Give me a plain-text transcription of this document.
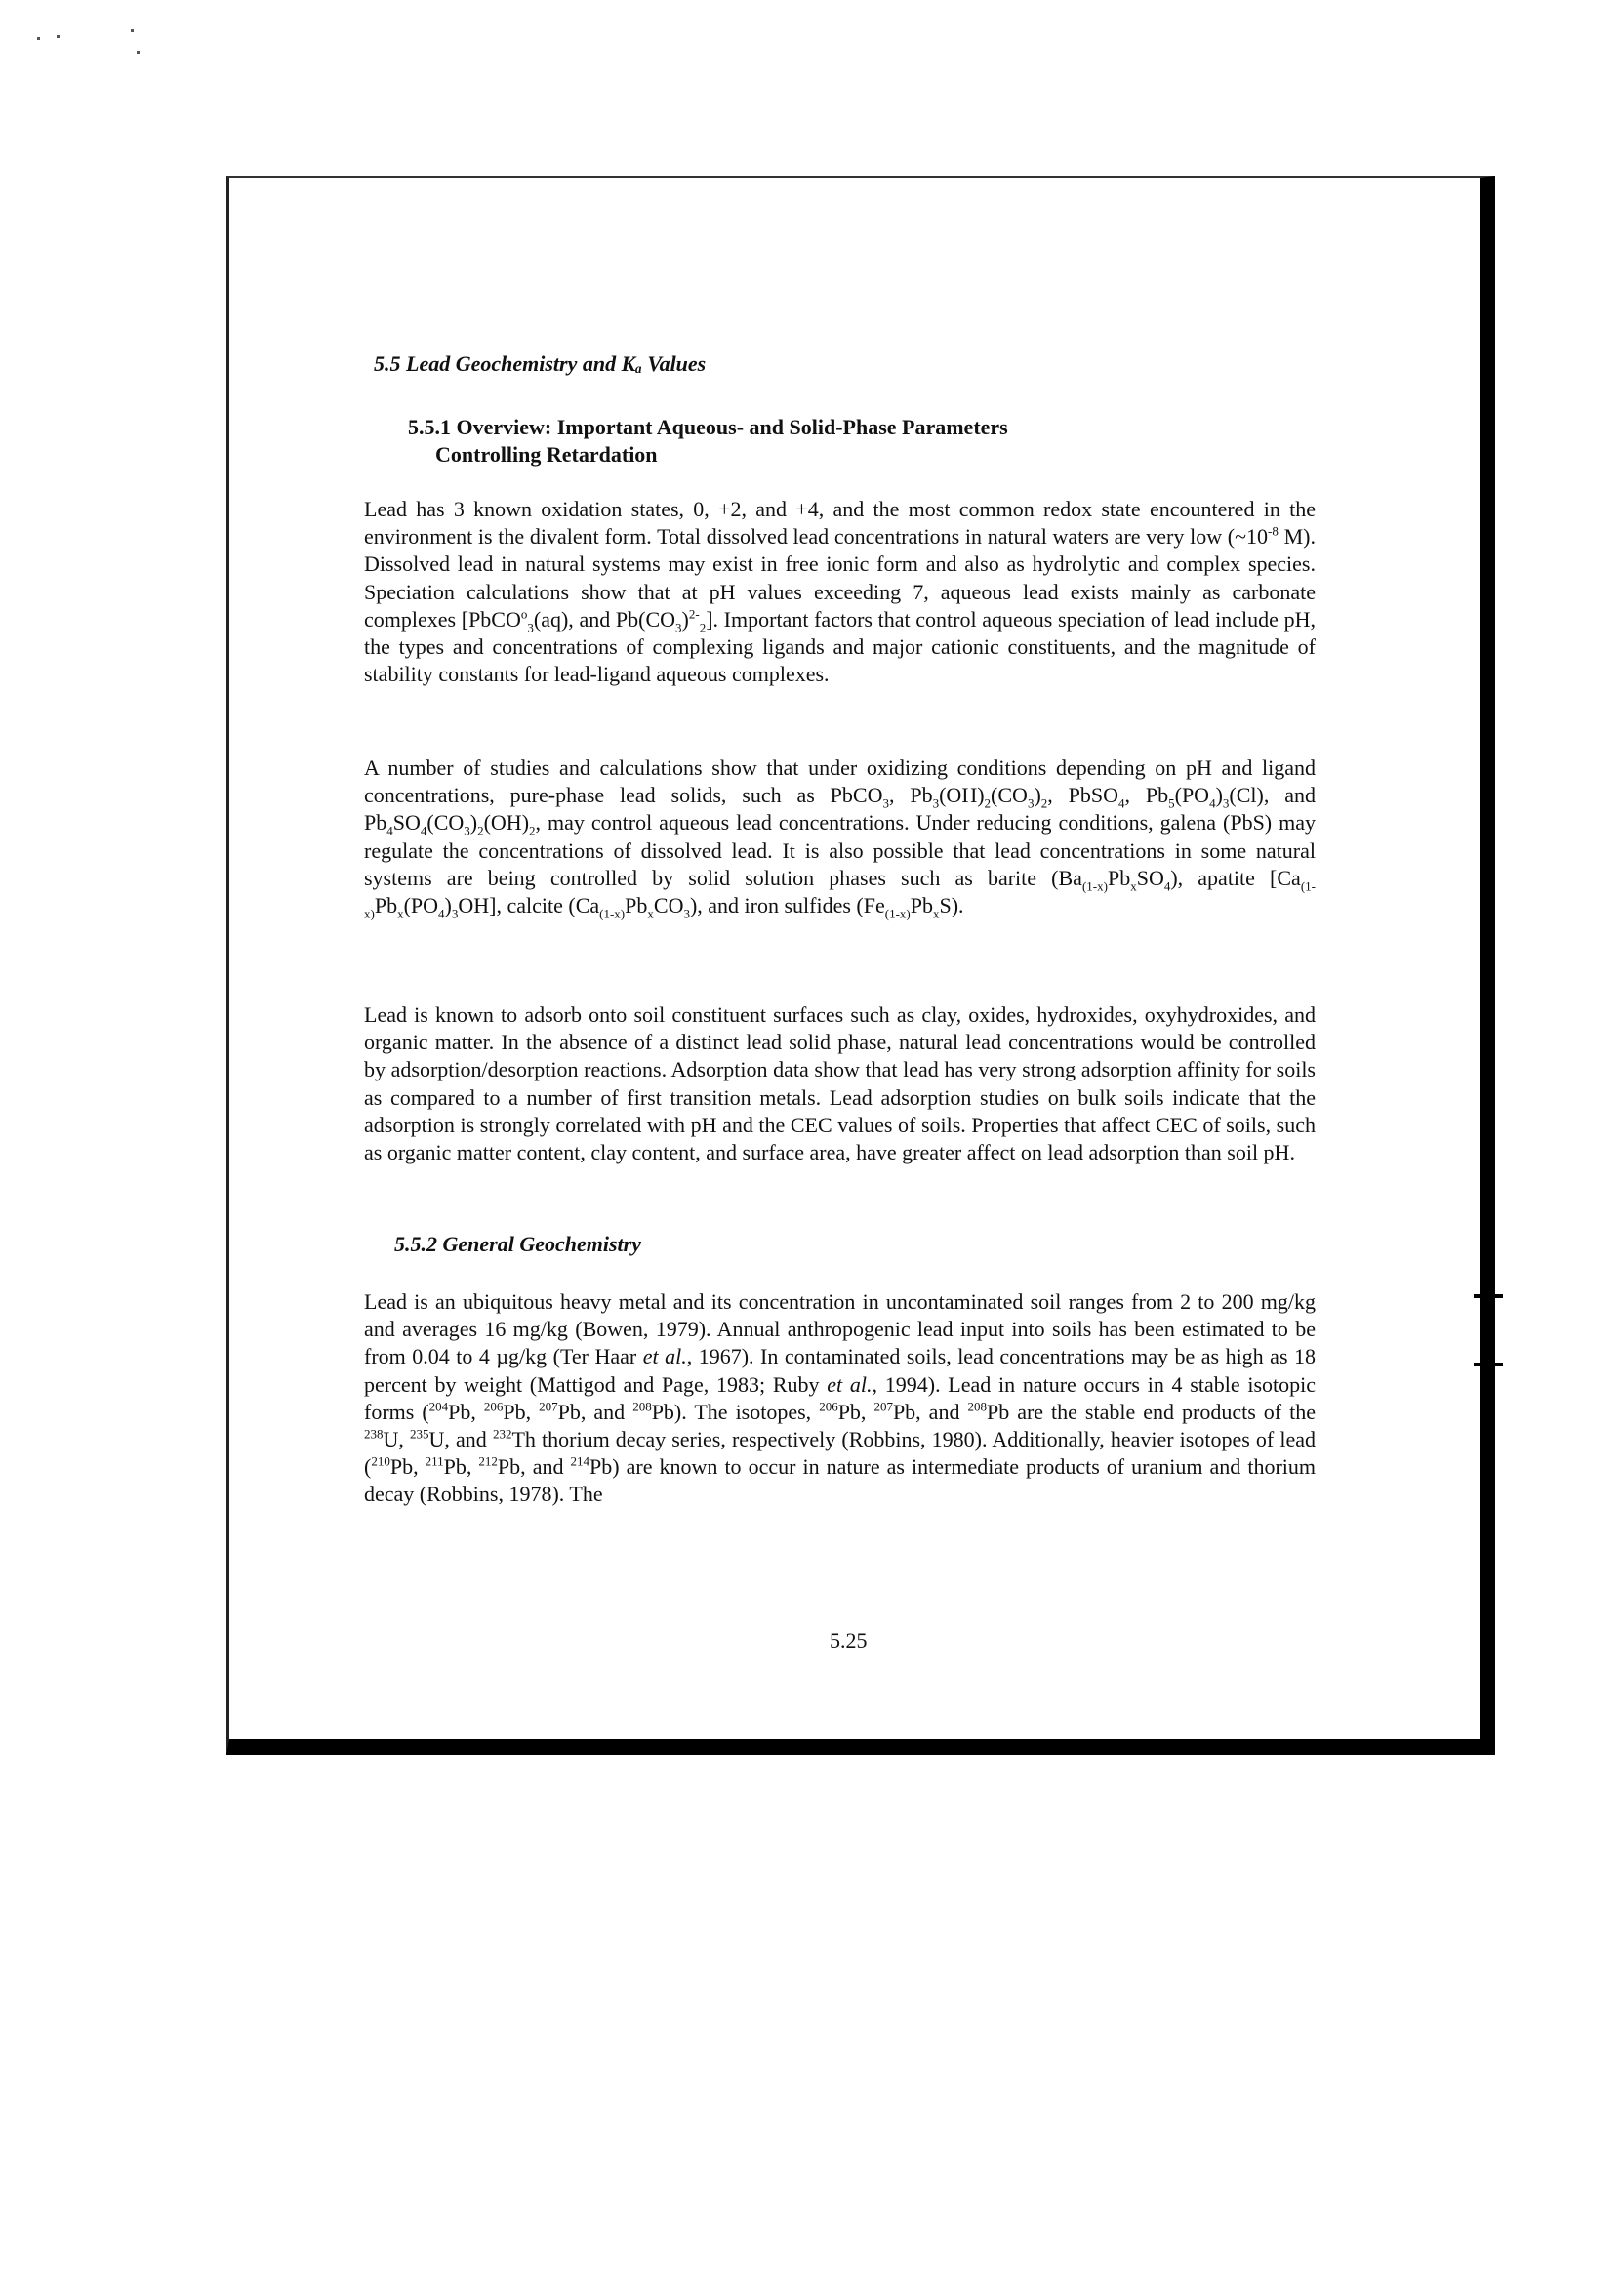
5.5 Lead Geochemistry and Kₐ Values
5.5.1 Overview: Important Aqueous- and Solid-Phase Parameters
Controlling Retardation

Lead has 3 known oxidation states, 0, +2, and +4, and the most common redox state encountered in the environment is the divalent form. Total dissolved lead concentrations in natural waters are very low ($\sim 10^{-8}$ M). Dissolved lead in natural systems may exist in free ionic form and also as hydrolytic and complex species. Speciation calculations show that at pH values exceeding 7, aqueous lead exists mainly as carbonate complexes [PbCO$^o_3$(aq), and $Pb(CO_3)^{2-}_2$]. Important factors that control aqueous speciation of lead include pH, the types and concentrations of complexing ligands and major cationic constituents, and the magnitude of stability constants for lead-ligand aqueous complexes.

A number of studies and calculations show that under oxidizing conditions depending on pH and ligand concentrations, pure-phase lead solids, such as PbCO$_3$, $Pb_3(OH)_2(CO_3)_2$, PbSO$_4$, $Pb_5(PO_4)_3(Cl)$, and $Pb_4SO_4(CO_3)_2(OH)_2$, may control aqueous lead concentrations. Under reducing conditions, galena (PbS) may regulate the concentrations of dissolved lead. It is also possible that lead concentrations in some natural systems are being controlled by solid solution phases such as barite $(Ba_{(1-x)}Pb_xSO_4)$, apatite $[Ca_{(1-x)}Pb_x(PO_4)_3OH]$, calcite $(Ca_{(1-x)}Pb_xCO_3)$, and iron sulfides $(Fe_{(1-x)}Pb_xS)$.

Lead is known to adsorb onto soil constituent surfaces such as clay, oxides, hydroxides, oxyhydroxides, and organic matter. In the absence of a distinct lead solid phase, natural lead concentrations would be controlled by adsorption/desorption reactions. Adsorption data show that lead has very strong adsorption affinity for soils as compared to a number of first transition metals. Lead adsorption studies on bulk soils indicate that the adsorption is strongly correlated with pH and the CEC values of soils. Properties that affect CEC of soils, such as organic matter content, clay content, and surface area, have greater affect on lead adsorption than soil pH.

5.5.2 General Geochemistry

Lead is an ubiquitous heavy metal and its concentration in uncontaminated soil ranges from 2 to 200 mg/kg and averages 16 mg/kg (Bowen, 1979). Annual anthropogenic lead input into soils has been estimated to be from 0.04 to 4 µg/kg (Ter Haar et al., 1967). In contaminated soils, lead concentrations may be as high as 18 percent by weight (Mattigod and Page, 1983; Ruby et al., 1994). Lead in nature occurs in 4 stable isotopic forms ($^{204}$Pb, $^{206}$Pb, $^{207}$Pb, and $^{208}$Pb). The isotopes, $^{206}$Pb, $^{207}$Pb, and $^{208}$Pb are the stable end products of the $^{238}$U, $^{235}$U, and $^{232}$Th thorium decay series, respectively (Robbins, 1980). Additionally, heavier isotopes of lead ($^{210}$Pb, $^{211}$Pb, $^{212}$Pb, and $^{214}$Pb) are known to occur in nature as intermediate products of uranium and thorium decay (Robbins, 1978). The

5.25
